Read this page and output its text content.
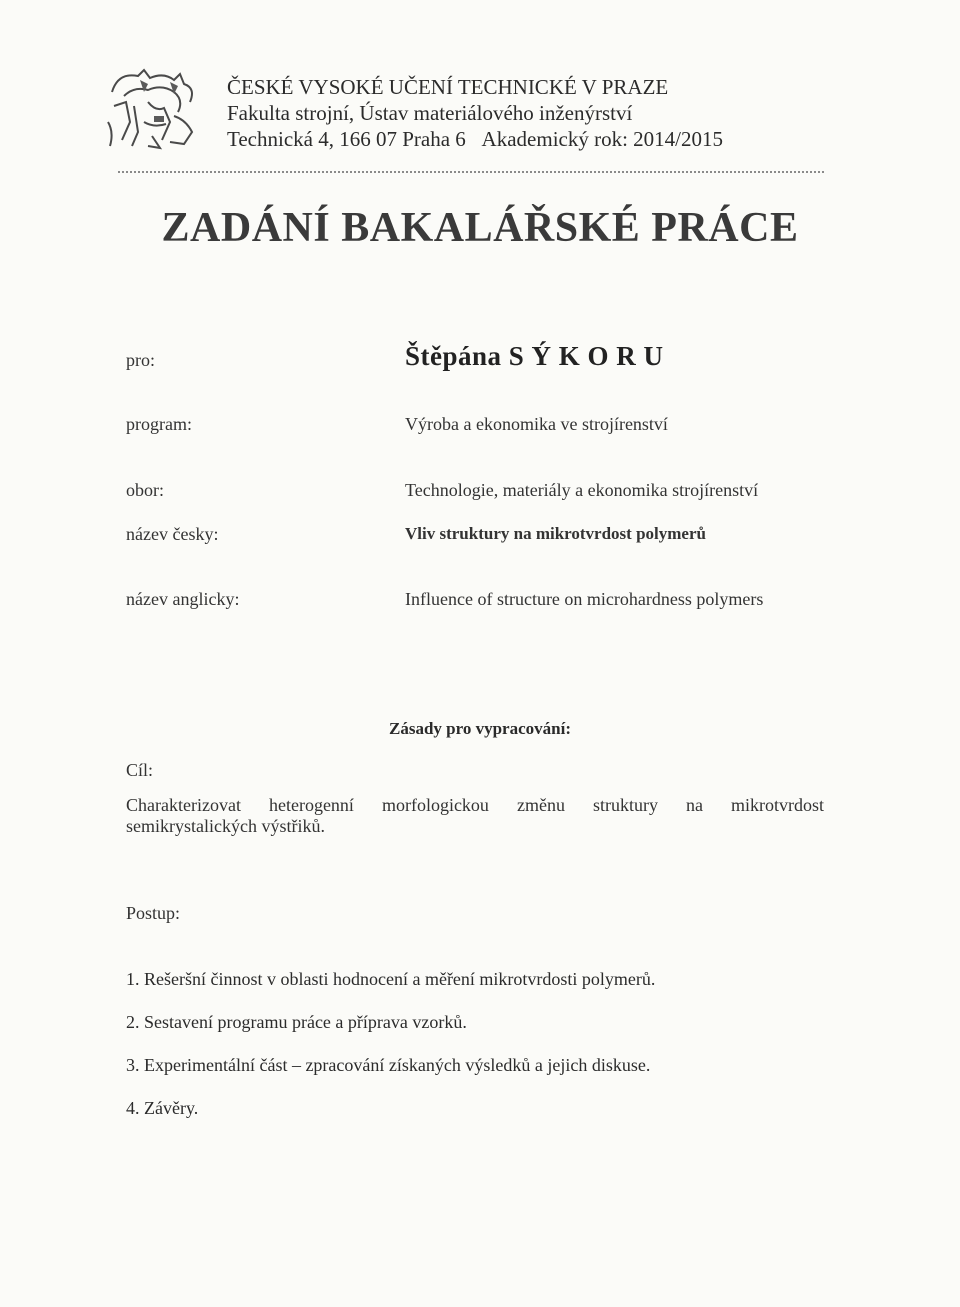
ČESKÉ VYSOKÉ UČENÍ TECHNICKÉ V PRAZE
Fakulta strojní, Ústav materiálového inženýrství
Technická 4, 166 07 Praha 6 Akademický rok: 2014/2015
ZADÁNÍ BAKALÁŘSKÉ PRÁCE
pro:	Štěpána S Ý K O R U
program:	Výroba a ekonomika ve strojírenství
obor:	Technologie, materiály a ekonomika strojírenství
název česky:	Vliv struktury na mikrotvrdost polymerů
název anglicky:	Influence of structure on microhardness polymers
Zásady pro vypracování:
Cíl:
Charakterizovat heterogenní morfologickou změnu struktury na mikrotvrdost
semikrystalických výstřiků.
Postup:
1. Rešeršní činnost v oblasti hodnocení a měření mikrotvrdosti polymerů.
2. Sestavení programu práce a příprava vzorků.
3. Experimentální část – zpracování získaných výsledků a jejich diskuse.
4. Závěry.
